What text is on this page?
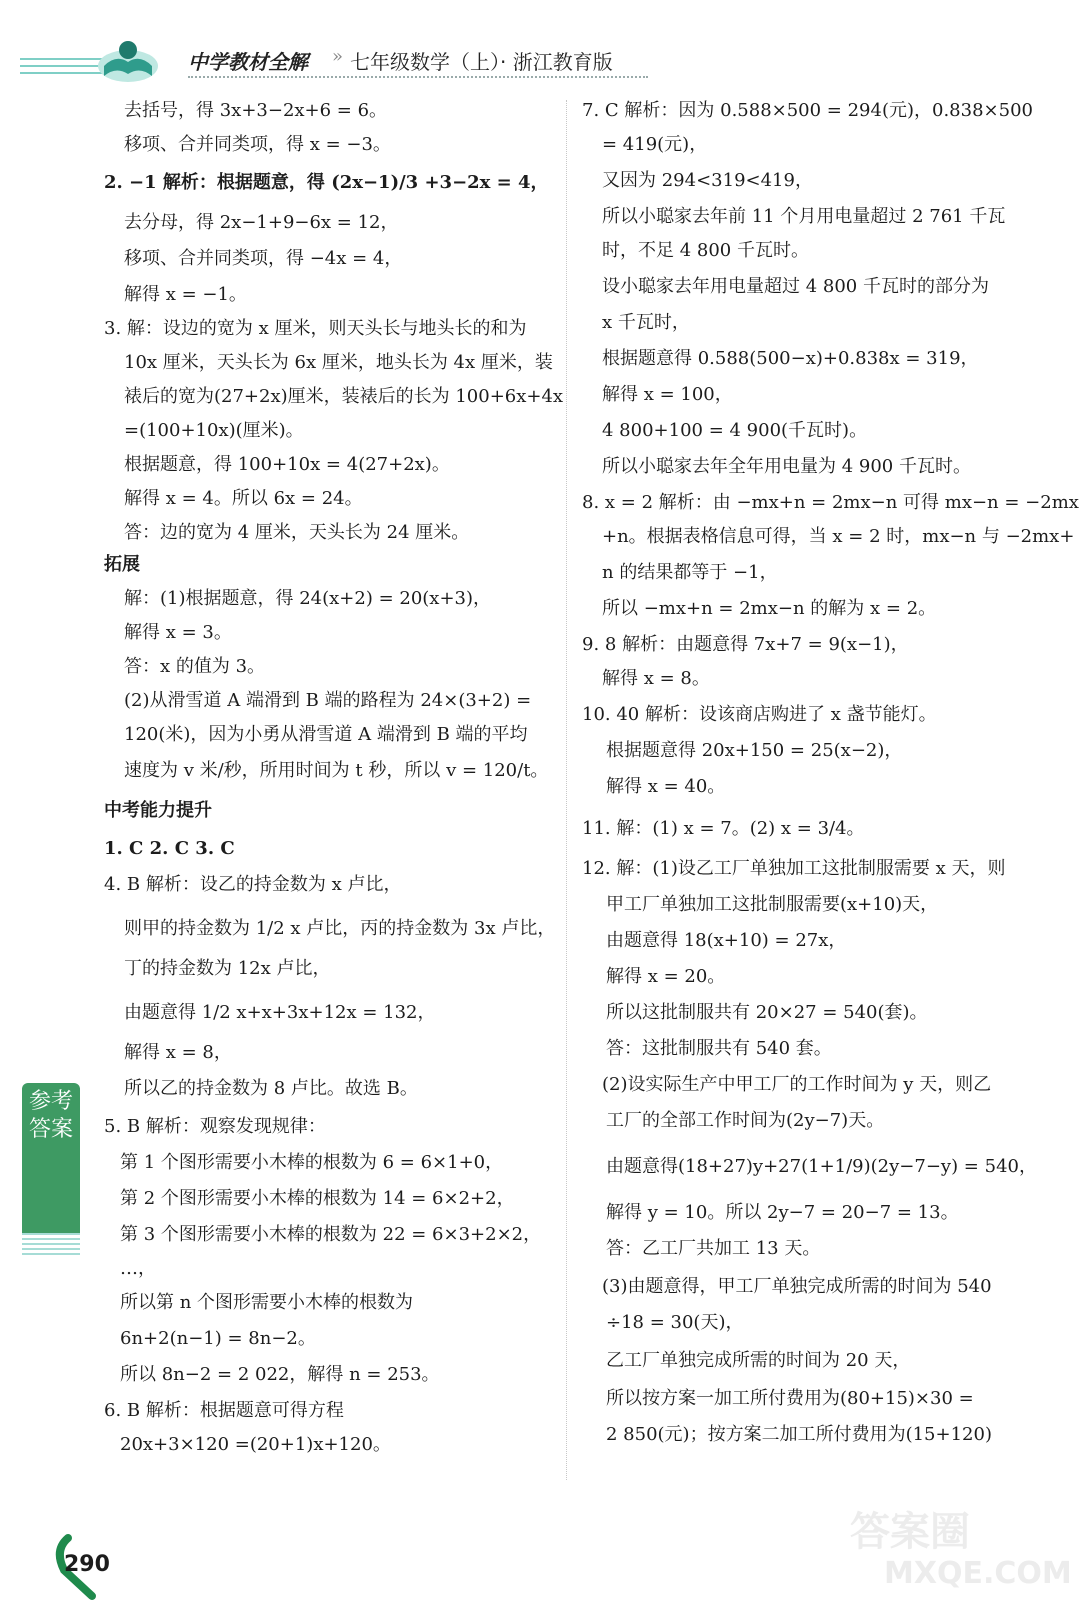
中学教材全解 » 七年级数学（上）· 浙江教育版
去括号，得 3x+3−2x+6 = 6。
移项、合并同类项，得 x = −3。
2. −1 解析：根据题意，得 (2x−1)/3 +3−2x = 4，
去分母，得 2x−1+9−6x = 12，
移项、合并同类项，得 −4x = 4，
解得 x = −1。
3. 解：设边的宽为 x 厘米，则天头长与地头长的和为
10x 厘米，天头长为 6x 厘米，地头长为 4x 厘米，装
裱后的宽为(27+2x)厘米，装裱后的长为 100+6x+4x
=(100+10x)(厘米)。
根据题意，得 100+10x = 4(27+2x)。
解得 x = 4。所以 6x = 24。
答：边的宽为 4 厘米，天头长为 24 厘米。
拓展
解：(1)根据题意，得 24(x+2) = 20(x+3)，
解得 x = 3。
答：x 的值为 3。
(2)从滑雪道 A 端滑到 B 端的路程为 24×(3+2) =
120(米)，因为小勇从滑雪道 A 端滑到 B 端的平均
速度为 v 米/秒，所用时间为 t 秒，所以 v = 120/t。
中考能力提升
1. C 2. C 3. C
4. B 解析：设乙的持金数为 x 卢比，
则甲的持金数为 1/2 x 卢比，丙的持金数为 3x 卢比，
丁的持金数为 12x 卢比，
由题意得 1/2 x+x+3x+12x = 132，
解得 x = 8，
所以乙的持金数为 8 卢比。故选 B。
5. B 解析：观察发现规律：
第 1 个图形需要小木棒的根数为 6 = 6×1+0，
第 2 个图形需要小木棒的根数为 14 = 6×2+2，
第 3 个图形需要小木棒的根数为 22 = 6×3+2×2，
…，
所以第 n 个图形需要小木棒的根数为
6n+2(n−1) = 8n−2。
所以 8n−2 = 2 022，解得 n = 253。
6. B 解析：根据题意可得方程
20x+3×120 =(20+1)x+120。
7. C 解析：因为 0.588×500 = 294(元)，0.838×500
= 419(元)，
又因为 294<319<419，
所以小聪家去年前 11 个月用电量超过 2 761 千瓦
时，不足 4 800 千瓦时。
设小聪家去年用电量超过 4 800 千瓦时的部分为
x 千瓦时，
根据题意得 0.588(500−x)+0.838x = 319，
解得 x = 100，
4 800+100 = 4 900(千瓦时)。
所以小聪家去年全年用电量为 4 900 千瓦时。
8. x = 2 解析：由 −mx+n = 2mx−n 可得 mx−n = −2mx
+n。根据表格信息可得，当 x = 2 时，mx−n 与 −2mx+
n 的结果都等于 −1，
所以 −mx+n = 2mx−n 的解为 x = 2。
9. 8 解析：由题意得 7x+7 = 9(x−1)，
解得 x = 8。
10. 40 解析：设该商店购进了 x 盏节能灯。
根据题意得 20x+150 = 25(x−2)，
解得 x = 40。
11. 解：(1) x = 7。(2) x = 3/4。
12. 解：(1)设乙工厂单独加工这批制服需要 x 天，则
甲工厂单独加工这批制服需要(x+10)天，
由题意得 18(x+10) = 27x，
解得 x = 20。
所以这批制服共有 20×27 = 540(套)。
答：这批制服共有 540 套。
(2)设实际生产中甲工厂的工作时间为 y 天，则乙
工厂的全部工作时间为(2y−7)天。
由题意得(18+27)y+27(1+1/9)(2y−7−y) = 540，
解得 y = 10。所以 2y−7 = 20−7 = 13。
答：乙工厂共加工 13 天。
(3)由题意得，甲工厂单独完成所需的时间为 540
÷18 = 30(天)，
乙工厂单独完成所需的时间为 20 天，
所以按方案一加工所付费用为(80+15)×30 =
2 850(元)；按方案二加工所付费用为(15+120)
参考答案
290
答案圈
MXQE.COM
